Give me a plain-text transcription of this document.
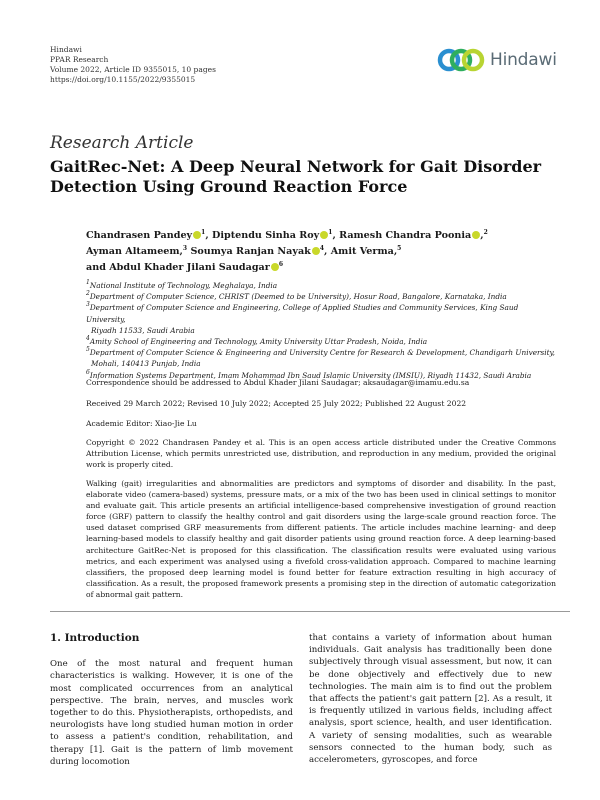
Hindawi
PPAR Research
Volume 2022, Article ID 9355015, 10 pages
https://doi.org/10.1155/2022/9355015
Hindawi
Research Article
GaitRec-Net: A Deep Neural Network for Gait Disorder Detection Using Ground Reaction Force
Chandrasen Pandey $^1$, Diptendu Sinha Roy $^1$, Ramesh Chandra Poonia ,$^2$
Ayman Altameem,$^3$ Soumya Ranjan Nayak $^4$, Amit Verma,$^5$
and Abdul Khader Jilani Saudagar $^6$
$^1$National Institute of Technology, Meghalaya, India
$^2$Department of Computer Science, CHRIST (Deemed to be University), Hosur Road, Bangalore, Karnataka, India
$^3$Department of Computer Science and Engineering, College of Applied Studies and Community Services, King Saud University,
Riyadh 11533, Saudi Arabia
$^4$Amity School of Engineering and Technology, Amity University Uttar Pradesh, Noida, India
$^5$Department of Computer Science & Engineering and University Centre for Research & Development, Chandigarh University,
Mohali, 140413 Punjab, India
$^6$Information Systems Department, Imam Mohammad Ibn Saud Islamic University (IMSIU), Riyadh 11432, Saudi Arabia
Correspondence should be addressed to Abdul Khader Jilani Saudagar; aksaudagar@imamu.edu.sa
Received 29 March 2022; Revised 10 July 2022; Accepted 25 July 2022; Published 22 August 2022
Academic Editor: Xiao-Jie Lu
Copyright © 2022 Chandrasen Pandey et al. This is an open access article distributed under the Creative Commons Attribution License, which permits unrestricted use, distribution, and reproduction in any medium, provided the original work is properly cited.
Walking (gait) irregularities and abnormalities are predictors and symptoms of disorder and disability. In the past, elaborate video (camera-based) systems, pressure mats, or a mix of the two has been used in clinical settings to monitor and evaluate gait. This article presents an artificial intelligence-based comprehensive investigation of ground reaction force (GRF) pattern to classify the healthy control and gait disorders using the large-scale ground reaction force. The used dataset comprised GRF measurements from different patients. The article includes machine learning- and deep learning-based models to classify healthy and gait disorder patients using ground reaction force. A deep learning-based architecture GaitRec-Net is proposed for this classification. The classification results were evaluated using various metrics, and each experiment was analysed using a fivefold cross-validation approach. Compared to machine learning classifiers, the proposed deep learning model is found better for feature extraction resulting in high accuracy of classification. As a result, the proposed framework presents a promising step in the direction of automatic categorization of abnormal gait pattern.
1. Introduction

One of the most natural and frequent human characteristics is walking. However, it is one of the most complicated occurrences from an analytical perspective. The brain, nerves, and muscles work together to do this. Physiotherapists, orthopedists, and neurologists have long studied human motion in order to assess a patient's condition, rehabilitation, and therapy [1]. Gait is the pattern of limb movement during locomotion

that contains a variety of information about human individuals. Gait analysis has traditionally been done subjectively through visual assessment, but now, it can be done objectively and effectively due to new technologies. The main aim is to find out the problem that affects the patient's gait pattern [2]. As a result, it is frequently utilized in various fields, including affect analysis, sport science, health, and user identification. A variety of sensing modalities, such as wearable sensors connected to the human body, such as accelerometers, gyroscopes, and force
